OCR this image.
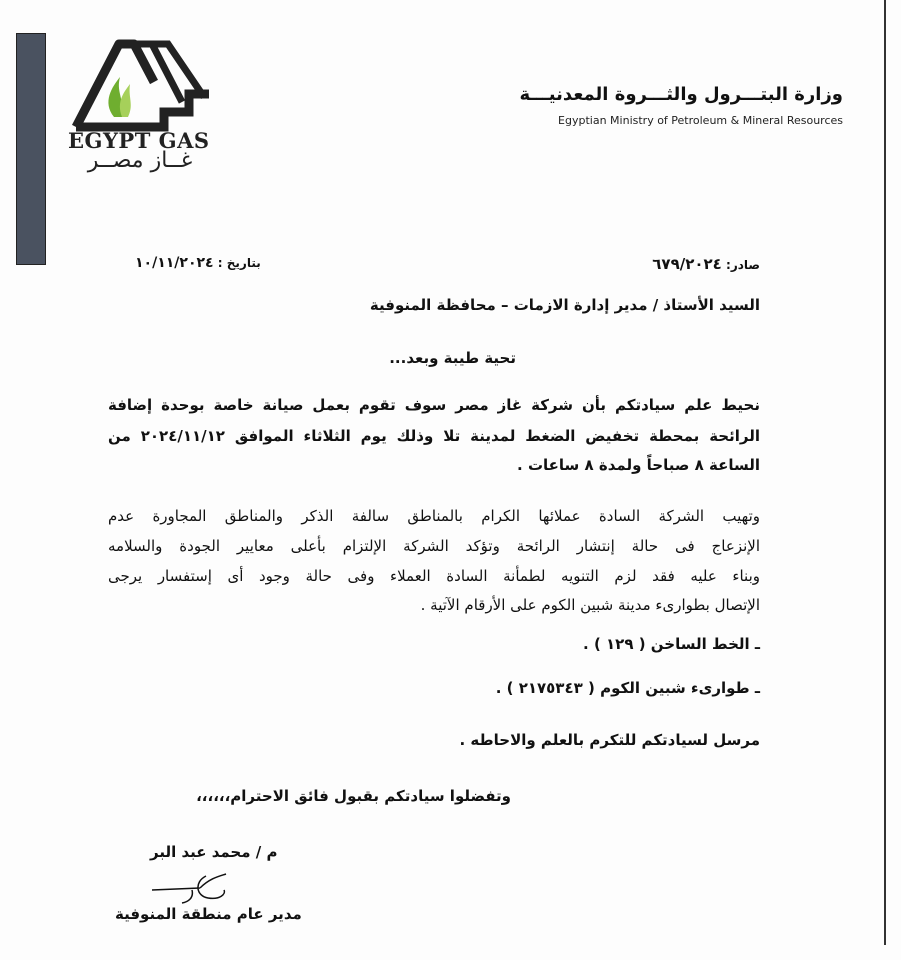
EGYPT GAS
غــاز مصــر
وزارة البتـــرول والثـــروة المعدنيـــة
Egyptian Ministry of Petroleum & Mineral Resources
صادر: ٦٧٩/٢٠٢٤
بتاريخ : ١٠/١١/٢٠٢٤
السيد الأستاذ / مدير إدارة الازمات – محافظة المنوفية
تحية طيبة وبعد...
نحيط علم سيادتكم بأن شركة غاز مصر سوف تقوم بعمل صيانة خاصة بوحدة إضافة
الرائحة بمحطة تخفيض الضغط لمدينة تلا وذلك يوم الثلاثاء الموافق ٢٠٢٤/١١/١٢ من
الساعة ٨ صباحاً ولمدة ٨ ساعات .
وتهيب الشركة السادة عملائها الكرام بالمناطق سالفة الذكر والمناطق المجاورة عدم
الإنزعاج فى حالة إنتشار الرائحة وتؤكد الشركة الإلتزام بأعلى معايير الجودة والسلامه
وبناء عليه فقد لزم التنويه لطمأنة السادة العملاء وفى حالة وجود أى إستفسار يرجى
الإتصال بطوارىء مدينة شبين الكوم على الأرقام الآتية .
ـ الخط الساخن ( ١٢٩ ) .
ـ طوارىء شبين الكوم ( ٢١٧٥٣٤٣ ) .
مرسل لسيادتكم للتكرم بالعلم والاحاطه .
وتفضلوا سيادتكم بقبول فائق الاحترام،،،،،،
م / محمد عبد البر
مدير عام منطقة المنوفية
